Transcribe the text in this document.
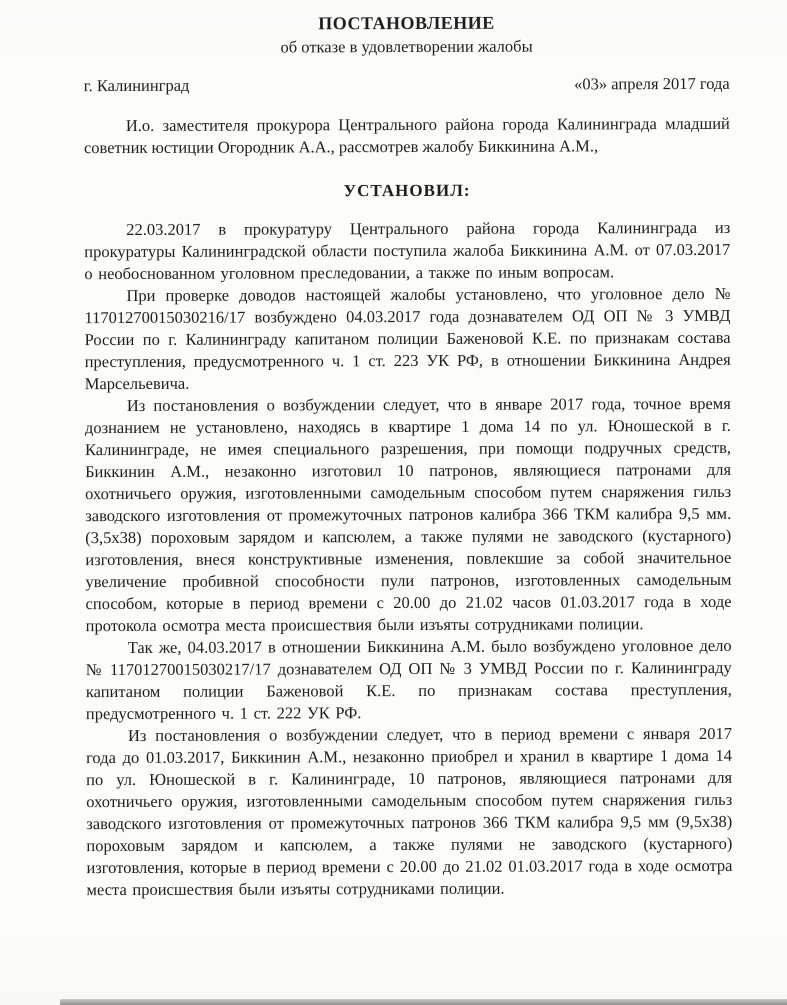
ПОСТАНОВЛЕНИЕ
об отказе в удовлетворении жалобы
г. Калининград	«03» апреля 2017 года

И.о. заместителя прокурора Центрального района города Калининграда младший советник юстиции Огородник А.А., рассмотрев жалобу Биккинина А.М.,

УСТАНОВИЛ:

22.03.2017 в прокуратуру Центрального района города Калининграда из прокуратуры Калининградской области поступила жалоба Биккинина А.М. от 07.03.2017 о необоснованном уголовном преследовании, а также по иным вопросам.

При проверке доводов настоящей жалобы установлено, что уголовное дело № 11701270015030216/17 возбуждено 04.03.2017 года дознавателем ОД ОП № 3 УМВД России по г. Калининграду капитаном полиции Баженовой К.Е. по признакам состава преступления, предусмотренного ч. 1 ст. 223 УК РФ, в отношении Биккинина Андрея Марсельевича.

Из постановления о возбуждении следует, что в январе 2017 года, точное время дознанием не установлено, находясь в квартире 1 дома 14 по ул. Юношеской в г. Калининграде, не имея специального разрешения, при помощи подручных средств, Биккинин А.М., незаконно изготовил 10 патронов, являющиеся патронами для охотничьего оружия, изготовленными самодельным способом путем снаряжения гильз заводского изготовления от промежуточных патронов калибра 366 ТКМ калибра 9,5 мм. (3,5х38) пороховым зарядом и капсюлем, а также пулями не заводского (кустарного) изготовления, внеся конструктивные изменения, повлекшие за собой значительное увеличение пробивной способности пули патронов, изготовленных самодельным способом, которые в период времени с 20.00 до 21.02 часов 01.03.2017 года в ходе протокола осмотра места происшествия были изъяты сотрудниками полиции.

Так же, 04.03.2017 в отношении Биккинина А.М. было возбуждено уголовное дело № 11701270015030217/17 дознавателем ОД ОП № 3 УМВД России по г. Калининграду капитаном полиции Баженовой К.Е. по признакам состава преступления, предусмотренного ч. 1 ст. 222 УК РФ.

Из постановления о возбуждении следует, что в период времени с января 2017 года до 01.03.2017, Биккинин А.М., незаконно приобрел и хранил в квартире 1 дома 14 по ул. Юношеской в г. Калининграде, 10 патронов, являющиеся патронами для охотничьего оружия, изготовленными самодельным способом путем снаряжения гильз заводского изготовления от промежуточных патронов 366 ТКМ калибра 9,5 мм (9,5х38) пороховым зарядом и капсюлем, а также пулями не заводского (кустарного) изготовления, которые в период времени с 20.00 до 21.02 01.03.2017 года в ходе осмотра места происшествия были изъяты сотрудниками полиции.
